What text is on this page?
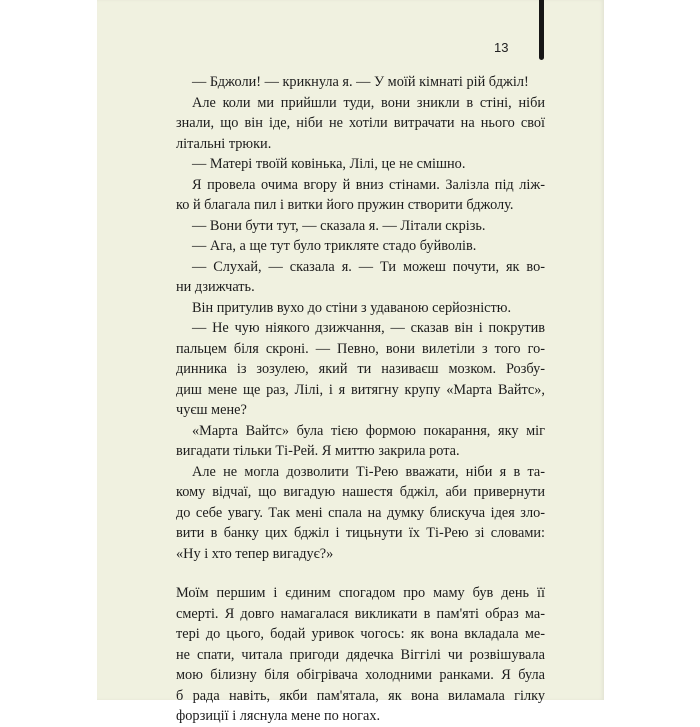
13

— Бджоли! — крикнула я. — У моїй кімнаті рій бджіл!

Але коли ми прийшли туди, вони зникли в стіні, ніби
знали, що він іде, ніби не хотіли витрачати на нього свої
літальні трюки.

— Матері твоїй ковінька, Лілі, це не смішно.

Я провела очима вгору й вниз стінами. Залізла під ліж-
ко й благала пил і витки його пружин створити бджолу.

— Вони бути тут, — сказала я. — Літали скрізь.

— Ага, а ще тут було трикляте стадо буйволів.

— Слухай, — сказала я. — Ти можеш почути, як во-
ни дзижчать.

Він притулив вухо до стіни з удаваною серйозністю.

— Не чую ніякого дзижчання, — сказав він і покрутив
пальцем біля скроні. — Певно, вони вилетіли з того го-
динника із зозулею, який ти називаєш мозком. Розбу-
диш мене ще раз, Лілі, і я витягну крупу «Марта Вайтс»,
чуєш мене?

«Марта Вайтс» була тією формою покарання, яку міг
вигадати тільки Ті-Рей. Я миттю закрила рота.

Але не могла дозволити Ті-Рею вважати, ніби я в та-
кому відчаї, що вигадую нашестя бджіл, аби привернути
до себе увагу. Так мені спала на думку блискуча ідея зло-
вити в банку цих бджіл і тицьнути їх Ті-Рею зі словами:
«Ну і хто тепер вигадує?»

Моїм першим і єдиним спогадом про маму був день її
смерті. Я довго намагалася викликати в пам'яті образ ма-
тері до цього, бодай уривок чогось: як вона вкладала ме-
не спати, читала пригоди дядечка Віггілі чи розвішувала
мою білизну біля обігрівача холодними ранками. Я була
б рада навіть, якби пам'ятала, як вона виламала гілку
форзиції і ляснула мене по ногах.
